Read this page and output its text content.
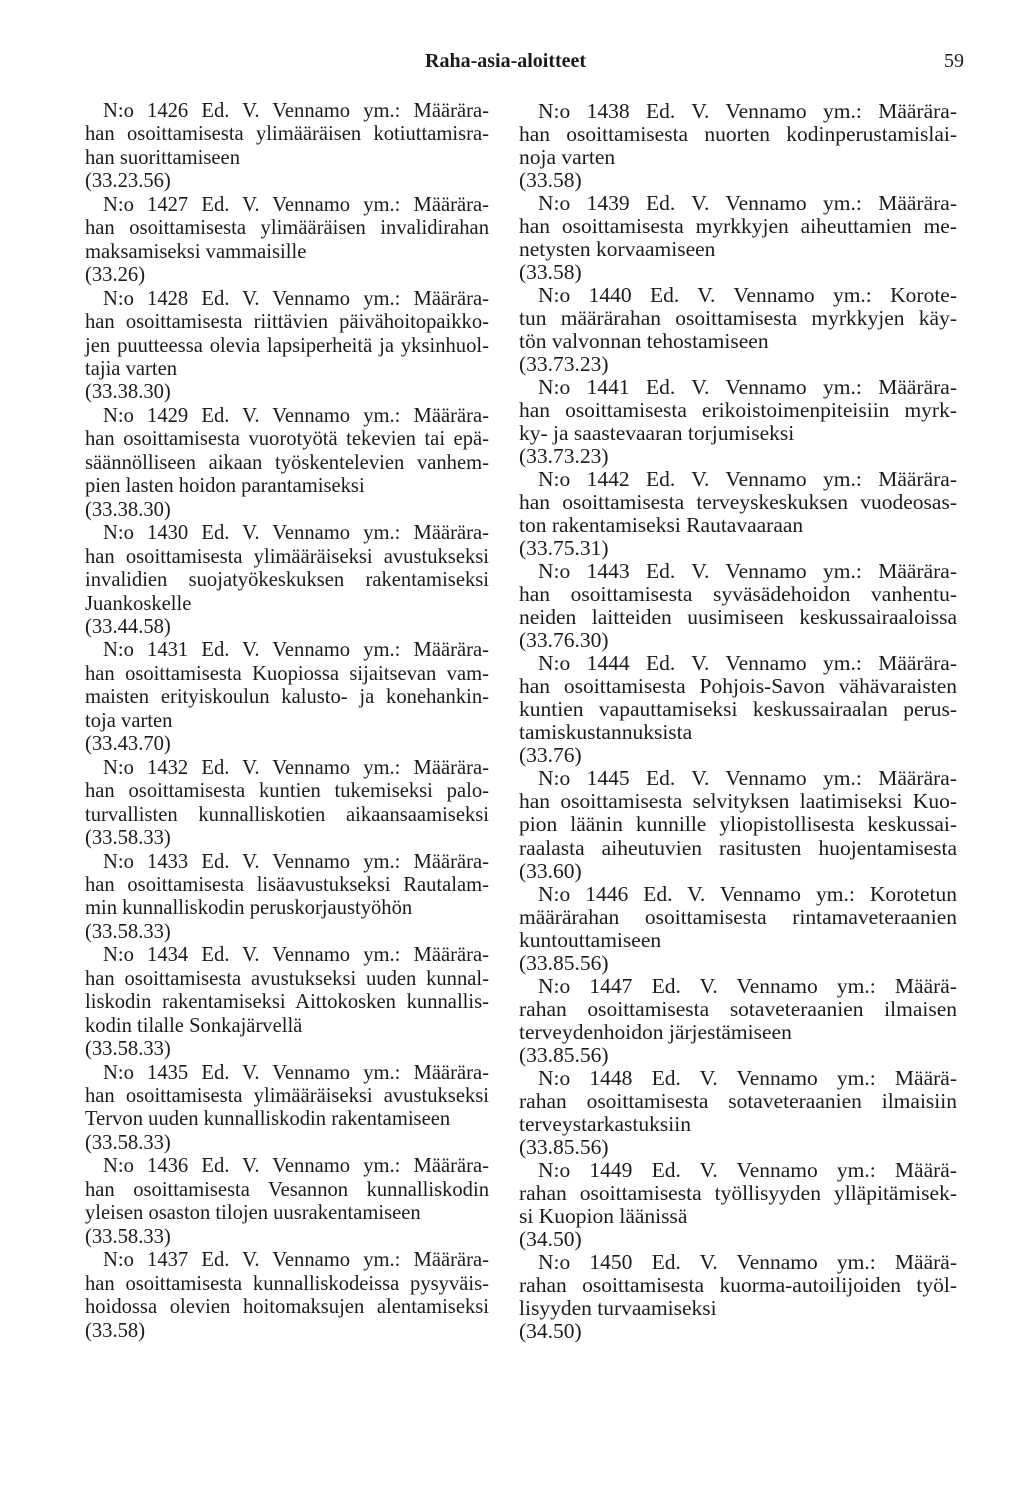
Raha-asia-aloitteet	59
N:o 1426 Ed. V. Vennamo ym.: Määrära-
han osoittamisesta ylimääräisen kotiuttamisra-
han suorittamiseen
(33.23.56)
N:o 1427 Ed. V. Vennamo ym.: Määrära-
han osoittamisesta ylimääräisen invalidirahan
maksamiseksi vammaisille
(33.26)
N:o 1428 Ed. V. Vennamo ym.: Määrära-
han osoittamisesta riittävien päivähoitopaikko-
jen puutteessa olevia lapsiperheitä ja yksinhuol-
tajia varten
(33.38.30)
N:o 1429 Ed. V. Vennamo ym.: Määrära-
han osoittamisesta vuorotyötä tekevien tai epä-
säännölliseen aikaan työskentelevien vanhem-
pien lasten hoidon parantamiseksi
(33.38.30)
N:o 1430 Ed. V. Vennamo ym.: Määrära-
han osoittamisesta ylimääräiseksi avustukseksi
invalidien suojatyökeskuksen rakentamiseksi
Juankoskelle
(33.44.58)
N:o 1431 Ed. V. Vennamo ym.: Määrära-
han osoittamisesta Kuopiossa sijaitsevan vam-
maisten erityiskoulun kalusto- ja konehankin-
toja varten
(33.43.70)
N:o 1432 Ed. V. Vennamo ym.: Määrära-
han osoittamisesta kuntien tukemiseksi palo-
turvallisten kunnalliskotien aikaansaamiseksi
(33.58.33)
N:o 1433 Ed. V. Vennamo ym.: Määrära-
han osoittamisesta lisäavustukseksi Rautalam-
min kunnalliskodin peruskorjaustyöhön
(33.58.33)
N:o 1434 Ed. V. Vennamo ym.: Määrära-
han osoittamisesta avustukseksi uuden kunnal-
liskodin rakentamiseksi Aittokosken kunnallis-
kodin tilalle Sonkajärvellä
(33.58.33)
N:o 1435 Ed. V. Vennamo ym.: Määrära-
han osoittamisesta ylimääräiseksi avustukseksi
Tervon uuden kunnalliskodin rakentamiseen
(33.58.33)
N:o 1436 Ed. V. Vennamo ym.: Määrära-
han osoittamisesta Vesannon kunnalliskodin
yleisen osaston tilojen uusrakentamiseen
(33.58.33)
N:o 1437 Ed. V. Vennamo ym.: Määrära-
han osoittamisesta kunnalliskodeissa pysyväis-
hoidossa olevien hoitomaksujen alentamiseksi
(33.58)
N:o 1438 Ed. V. Vennamo ym.: Määrära-
han osoittamisesta nuorten kodinperustamislai-
noja varten
(33.58)
N:o 1439 Ed. V. Vennamo ym.: Määrära-
han osoittamisesta myrkkyjen aiheuttamien me-
netysten korvaamiseen
(33.58)
N:o 1440 Ed. V. Vennamo ym.: Korote-
tun määrärahan osoittamisesta myrkkyjen käy-
tön valvonnan tehostamiseen
(33.73.23)
N:o 1441 Ed. V. Vennamo ym.: Määrära-
han osoittamisesta erikoistoimenpiteisiin myrk-
ky- ja saastevaaran torjumiseksi
(33.73.23)
N:o 1442 Ed. V. Vennamo ym.: Määrära-
han osoittamisesta terveyskeskuksen vuodeosas-
ton rakentamiseksi Rautavaaraan
(33.75.31)
N:o 1443 Ed. V. Vennamo ym.: Määrära-
han osoittamisesta syväsädehoidon vanhentu-
neiden laitteiden uusimiseen keskussairaaloissa
(33.76.30)
N:o 1444 Ed. V. Vennamo ym.: Määrära-
han osoittamisesta Pohjois-Savon vähävaraisten
kuntien vapauttamiseksi keskussairaalan perus-
tamiskustannuksista
(33.76)
N:o 1445 Ed. V. Vennamo ym.: Määrära-
han osoittamisesta selvityksen laatimiseksi Kuo-
pion läänin kunnille yliopistollisesta keskussai-
raalasta aiheutuvien rasitusten huojentamisesta
(33.60)
N:o 1446 Ed. V. Vennamo ym.: Korotetun
määrärahan osoittamisesta rintamaveteraanien
kuntouttamiseen
(33.85.56)
N:o 1447 Ed. V. Vennamo ym.: Määrä-
rahan osoittamisesta sotaveteraanien ilmaisen
terveydenhoidon järjestämiseen
(33.85.56)
N:o 1448 Ed. V. Vennamo ym.: Määrä-
rahan osoittamisesta sotaveteraanien ilmaisiin
terveystarkastuksiin
(33.85.56)
N:o 1449 Ed. V. Vennamo ym.: Määrä-
rahan osoittamisesta työllisyyden ylläpitämisek-
si Kuopion läänissä
(34.50)
N:o 1450 Ed. V. Vennamo ym.: Määrä-
rahan osoittamisesta kuorma-autoilijoiden työl-
lisyyden turvaamiseksi
(34.50)
